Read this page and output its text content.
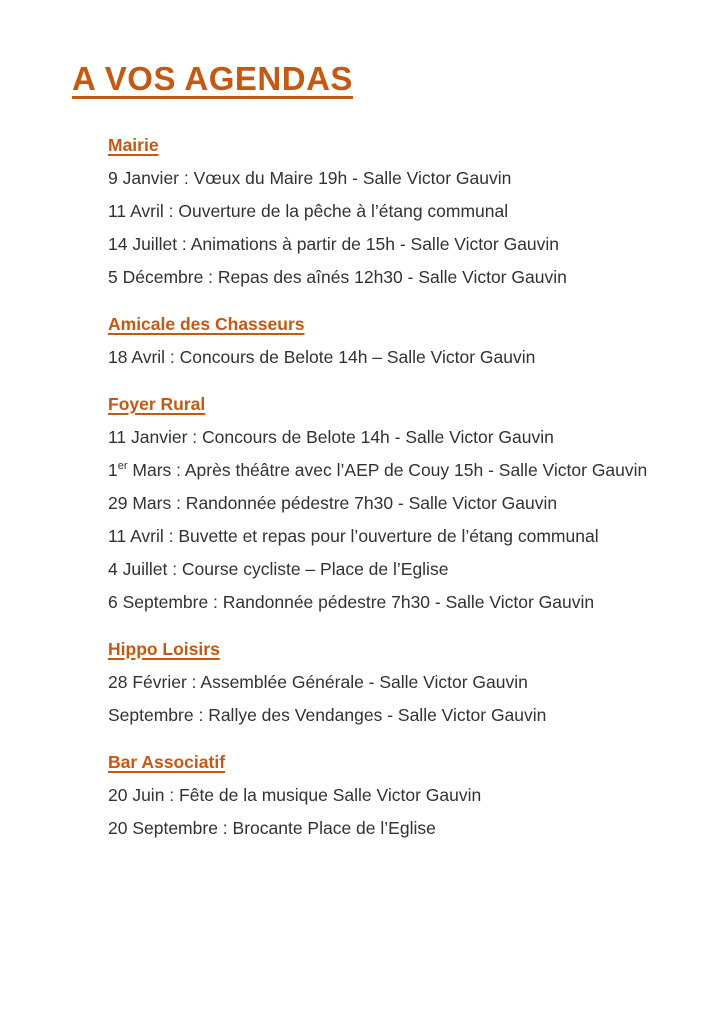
A VOS AGENDAS
Mairie

9 Janvier : Vœux du Maire 19h - Salle Victor Gauvin

11 Avril : Ouverture de la pêche à l’étang communal

14 Juillet : Animations à partir de 15h - Salle Victor Gauvin

5 Décembre : Repas des aînés 12h30 - Salle Victor Gauvin

Amicale des Chasseurs

18 Avril : Concours de Belote 14h – Salle Victor Gauvin

Foyer Rural

11 Janvier : Concours de Belote 14h - Salle Victor Gauvin

1er Mars : Après théâtre avec l’AEP de Couy 15h - Salle Victor Gauvin

29 Mars : Randonnée pédestre 7h30 - Salle Victor Gauvin

11 Avril : Buvette et repas pour l’ouverture de l’étang communal

4 Juillet : Course cycliste – Place de l’Eglise

6 Septembre : Randonnée pédestre 7h30 - Salle Victor Gauvin

Hippo Loisirs

28 Février : Assemblée Générale - Salle Victor Gauvin

Septembre : Rallye des Vendanges - Salle Victor Gauvin

Bar Associatif

20 Juin : Fête de la musique Salle Victor Gauvin

20 Septembre : Brocante Place de l’Eglise
